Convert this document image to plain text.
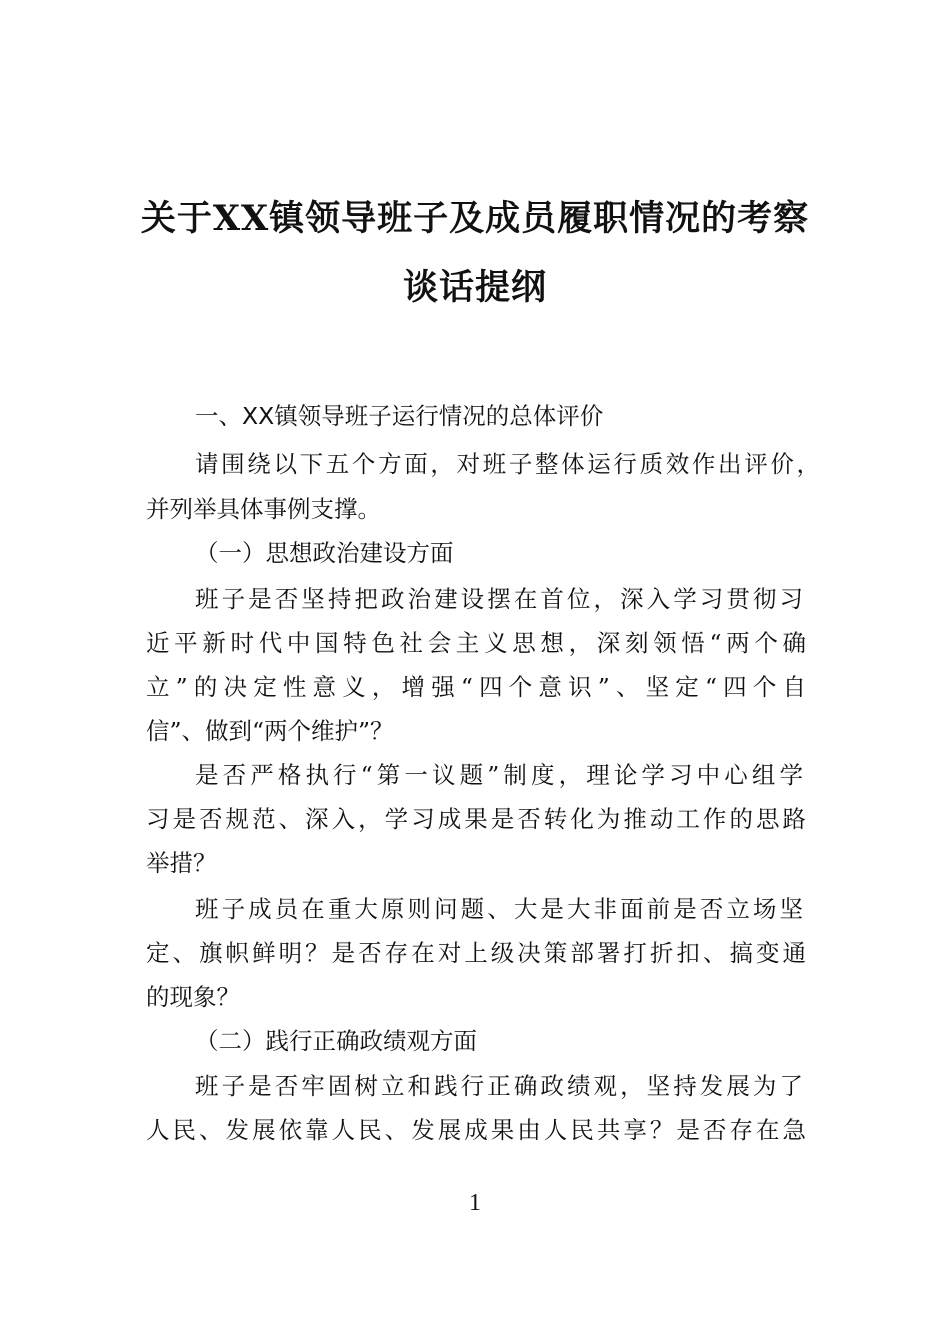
关于XX镇领导班子及成员履职情况的考察
谈话提纲
一、XX镇领导班子运行情况的总体评价
请围绕以下五个方面，对班子整体运行质效作出评价，
并列举具体事例支撑。
（一）思想政治建设方面
班子是否坚持把政治建设摆在首位，深入学习贯彻习
近平新时代中国特色社会主义思想，深刻领悟“两个确
立”的决定性意义，增强“四个意识”、坚定“四个自
信”、做到“两个维护”？
是否严格执行“第一议题”制度，理论学习中心组学
习是否规范、深入，学习成果是否转化为推动工作的思路
举措？
班子成员在重大原则问题、大是大非面前是否立场坚
定、旗帜鲜明？是否存在对上级决策部署打折扣、搞变通
的现象？
（二）践行正确政绩观方面
班子是否牢固树立和践行正确政绩观，坚持发展为了
人民、发展依靠人民、发展成果由人民共享？是否存在急
1
